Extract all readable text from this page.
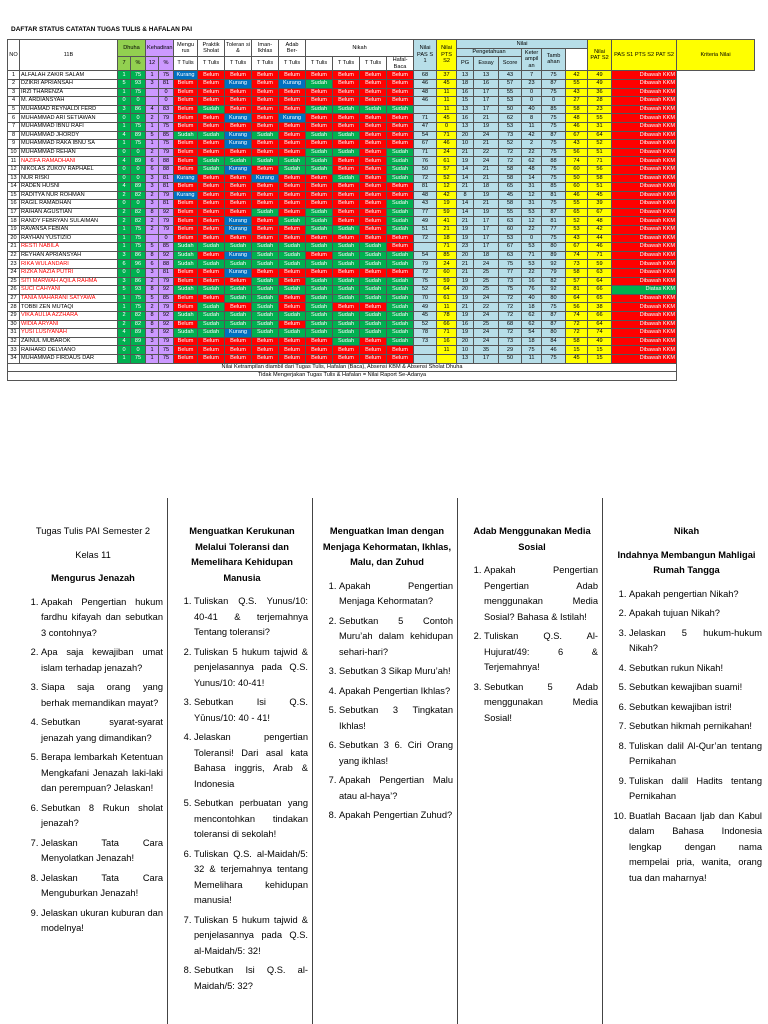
DAFTAR STATUS CATATAN TUGAS TULIS & HAFALAN PAI
NO	11B	Dhuha		Kehadiran		Mengu rus	Praktik Sholat	Toleran si &	Iman- Ikhlas	Adab Ber-	Nikah				Nilai PAS S 1	Nilai PTS S2	Nilai						Nilai PAT S2	PAS S1 PTS S2 PAT S2	Kriteria Nilai
																	Pengetahuan			Keter ampil an	Tamb ahan			
		7	%	12	%	T Tulis	T Tulis	T Tulis	T Tulis	T Tulis	T Tulis	T Tulis	T Tulis	Hafal- Baca			PG	Essay	Score						
1	ALFALAH ZAKIR SALAM	1	75	1	75	Kurang	Belum	Belum	Belum	Belum	Belum	Belum	Belum	Belum	68	37	13	13	43	7	75	42	49	Dibawah KKM	
2	DZIKRI APRIANSAH	5	93	3	81	Belum	Belum	Kurang	Belum	Kurang	Sudah	Belum	Belum	Belum	46	45	18	16	57	23	87	55	49	Dibawah KKM	
3	IRZI THARENZA	1	75		0	Belum	Belum	Belum	Belum	Belum	Belum	Belum	Belum	Belum	48	11	16	17	55	0	75	43	36	Dibawah KKM	
4	M. ARDIANSYAH	0	0		0	Belum	Belum	Belum	Belum	Belum	Belum	Belum	Belum	Belum	46	11	15	17	53	0	0	27	28	Dibawah KKM	
5	MUHAMAD REYNALDI FERD	3	86	4	83	Belum	Sudah	Belum	Belum	Belum	Sudah	Sudah	Sudah	Sudah		11	13	17	50	40	85	58	23	Dibawah KKM	
6	MUHAMMAD ARI SETIAWAN	0	0	2	79	Belum	Belum	Kurang	Belum	Kurang	Belum	Belum	Belum	Belum	71	45	16	21	62	8	75	48	55	Dibawah KKM	
7	MUHAMMAD IBNU RAFI	1	75	1	75	Belum	Belum	Belum	Belum	Belum	Belum	Belum	Belum	Belum	47	0	13	19	53	11	75	46	31	Dibawah KKM	
8	MUHAMMAD JHORDY	4	89	5	85	Sudah	Sudah	Kurang	Sudah	Belum	Sudah	Sudah	Belum	Belum	54	71	20	24	73	42	87	67	64	Dibawah KKM	
9	MUHAMMAD RAKA IBNU SA	1	75	1	75	Belum	Belum	Kurang	Belum	Belum	Belum	Belum	Belum	Belum	67	46	10	21	52	2	75	43	52	Dibawah KKM	
10	MUHAMMAD REHAN	0	0	2	79	Belum	Belum	Belum	Belum	Belum	Sudah	Sudah	Belum	Sudah	71	24	21	22	72	22	75	56	51	Dibawah KKM	
11	NAZIFA RAMADHANI	4	89	6	88	Belum	Sudah	Sudah	Sudah	Sudah	Sudah	Belum	Belum	Sudah	76	61	19	24	72	62	88	74	71	Dibawah KKM	
12	NIKOLAS ZUKOV RAPHAEL	0	0	6	88	Belum	Sudah	Kurang	Belum	Sudah	Sudah	Belum	Belum	Sudah	50	57	14	21	58	48	75	60	56	Dibawah KKM	
13	NUR RISKI	0	0	3	81	Kurang	Belum	Belum	Kurang	Belum	Belum	Sudah	Belum	Sudah	72	52	14	21	58	14	75	50	58	Dibawah KKM	
14	RADEN HUSNI	4	89	3	81	Belum	Belum	Belum	Belum	Belum	Belum	Belum	Belum	Belum	81	12	21	18	65	31	85	60	51	Dibawah KKM	
15	RADITYA NUR ROHMAN	2	82	2	79	Kurang	Belum	Belum	Belum	Belum	Belum	Belum	Belum	Belum	48	42	8	19	45	12	81	46	45	Dibawah KKM	
16	RAGIL RAMADHAN	0	0	3	81	Belum	Belum	Belum	Belum	Belum	Belum	Belum	Belum	Sudah	43	19	14	21	58	31	75	55	39	Dibawah KKM	
17	RAIHAN AGUSTIAN	2	82	8	92	Belum	Belum	Belum	Sudah	Belum	Sudah	Belum	Belum	Sudah	77	59	14	19	55	53	87	65	67	Dibawah KKM	
18	RANDY FEBRYAN SULAIMAN	2	82	2	79	Belum	Belum	Kurang	Belum	Sudah	Sudah	Belum	Belum	Sudah	49	41	21	17	63	12	81	52	48	Dibawah KKM	
19	RAVANSA FEBIAN	1	75	2	79	Belum	Belum	Kurang	Belum	Belum	Sudah	Sudah	Belum	Sudah	51	21	19	17	60	22	77	53	42	Dibawah KKM	
20	RAYHAN YUSTIZIO	1	75		0	Belum	Belum	Belum	Belum	Belum	Belum	Belum	Belum	Belum	72	18	19	17	53	0	75	43	44	Dibawah KKM	
21	RESTI NABILA	1	75	5	85	Sudah	Sudah	Sudah	Sudah	Sudah	Sudah	Sudah	Sudah	Belum		71	23	17	67	53	80	67	46	Dibawah KKM	
22	REYHAN APRIANSYAH	3	86	8	92	Sudah	Belum	Kurang	Sudah	Sudah	Belum	Sudah	Sudah	Sudah	54	85	20	18	63	71	89	74	71	Dibawah KKM	
23	RIKA WULANDARI	6	96	6	88	Sudah	Sudah	Sudah	Sudah	Sudah	Sudah	Sudah	Sudah	Sudah	79	24	21	24	75	53	92	73	59	Dibawah KKM	
24	RIZKA NAZIA PUTRI	0	0	3	81	Belum	Belum	Kurang	Belum	Belum	Belum	Belum	Belum	Belum	72	60	21	25	77	22	79	58	63	Dibawah KKM	
25	SITI MARWAH AQILA RAHMA	3	86	2	79	Belum	Belum	Belum	Sudah	Belum	Sudah	Sudah	Sudah	Sudah	75	59	19	25	73	16	82	57	64	Dibawah KKM	
26	SUCI CAHYANI	5	93	8	92	Sudah	Sudah	Sudah	Sudah	Sudah	Sudah	Sudah	Sudah	Sudah	52	64	20	25	75	76	92	81	66	Diatas KKM	
27	TANIA MAHARANI SATYAWA	1	75	5	85	Belum	Belum	Sudah	Sudah	Belum	Sudah	Sudah	Sudah	Sudah	70	61	19	24	72	40	80	64	65	Dibawah KKM	
28	TOBBI ZEN MUTAQI	1	75	2	79	Belum	Sudah	Belum	Sudah	Belum	Sudah	Belum	Belum	Sudah	49	11	21	22	72	18	75	56	38	Dibawah KKM	
29	VIKA AULIA AZZHARA	2	82	8	92	Sudah	Sudah	Sudah	Sudah	Sudah	Sudah	Sudah	Sudah	Sudah	45	78	19	24	72	62	87	74	66	Dibawah KKM	
30	WIDIA ARYANI	2	82	8	92	Belum	Sudah	Sudah	Sudah	Belum	Sudah	Sudah	Sudah	Sudah	52	66	16	25	68	62	87	72	64	Dibawah KKM	
31	YUSI LUSIYANAH	4	89	8	92	Sudah	Sudah	Kurang	Sudah	Sudah	Sudah	Sudah	Sudah	Sudah	78	71	19	24	72	54	80	72	74	Dibawah KKM	
32	ZAINUL MUBAROK	4	89	3	79	Belum	Belum	Belum	Belum	Belum	Belum	Sudah	Belum	Sudah	73	16	20	24	73	18	84	58	49	Dibawah KKM	
33	RAIHARD DELVIANO	0	0	1	75	Belum	Belum	Belum	Belum	Belum	Belum	Belum	Belum	Belum		11	10	35	29	75	46	15	15	Dibawah KKM	
34	MUHAMMAD FIRDAUS DAR	1	75	1	75	Belum	Belum	Belum	Belum	Belum	Belum	Belum	Belum	Belum			13	17	50	11	75	45	15	Dibawah KKM	
Nilai Ketrampilan diambil dari Tugas Tulis, Hafalan (Baca), Absensi KBM & Absensi Sholat Dhuha																									
Tidak Mengerjakan Tugas Tulis & Hafalan = Nilai Raport Se-Adanya																									
Tugas Tulis PAI Semester 2
Kelas 11
Mengurus Jenazah
1. Apakah Pengertian hukum fardhu kifayah dan sebutkan 3 contohnya?
2. Apa saja kewajiban umat islam terhadap jenazah?
3. Siapa saja orang yang berhak memandikan mayat?
4. Sebutkan syarat-syarat jenazah yang dimandikan?
5. Berapa lembarkah Ketentuan Mengkafani Jenazah laki-laki dan perempuan? Jelaskan!
6. Sebutkan 8 Rukun sholat jenazah?
7. Jelaskan Tata Cara Menyolatkan Jenazah!
8. Jelaskan Tata Cara Menguburkan Jenazah!
9. Jelaskan ukuran kuburan dan modelnya!
Menguatkan Kerukunan Melalui Toleransi dan Memelihara Kehidupan Manusia
1. Tuliskan Q.S. Yunus/10: 40-41 & terjemahnya Tentang toleransi?
2. Tuliskan 5 hukum tajwid & penjelasannya pada Q.S. Yunus/10: 40-41!
3. Sebutkan Isi Q.S. Yūnus/10: 40 - 41!
4. Jelaskan pengertian Toleransi! Dari asal kata Bahasa inggris, Arab & Indonesia
5. Sebutkan perbuatan yang mencontohkan tindakan toleransi di sekolah!
6. Tuliskan Q.S. al-Maidah/5: 32 & terjemahnya tentang Memelihara kehidupan manusia!
7. Tuliskan 5 hukum tajwid & penjelasannya pada Q.S. al-Maidah/5: 32!
8. Sebutkan Isi Q.S. al-Maidah/5: 32?
Menguatkan Iman dengan Menjaga Kehormatan, Ikhlas, Malu, dan Zuhud
1. Apakah Pengertian Menjaga Kehormatan?
2. Sebutkan 5 Contoh Muru’ah dalam kehidupan sehari-hari?
3. Sebutkan 3 Sikap Muru’ah!
4. Apakah Pengertian Ikhlas?
5. Sebutkan 3 Tingkatan Ikhlas!
6. Sebutkan 3 6. Ciri Orang yang ikhlas!
7. Apakah Pengertian Malu atau al-haya’?
8. Apakah Pengertian Zuhud?
Adab Menggunakan Media Sosial
1. Apakah Pengertian Pengertian Adab menggunakan Media Sosial? Bahasa & Istilah!
2. Tuliskan Q.S. Al-Hujurat/49: 6 & Terjemahnya!
3. Sebutkan 5 Adab menggunakan Media Sosial!
Nikah
Indahnya Membangun Mahligai Rumah Tangga
1. Apakah pengertian Nikah?
2. Apakah tujuan Nikah?
3. Jelaskan 5 hukum-hukum Nikah?
4. Sebutkan rukun Nikah!
5. Sebutkan kewajiban suami!
6. Sebutkan kewajiban istri!
7. Sebutkan hikmah pernikahan!
8. Tuliskan dalil Al-Qur’an tentang Pernikahan
9. Tuliskan dalil Hadits tentang Pernikahan
10. Buatlah Bacaan Ijab dan Kabul dalam Bahasa Indonesia lengkap dengan nama mempelai pria, wanita, orang tua dan maharnya!
